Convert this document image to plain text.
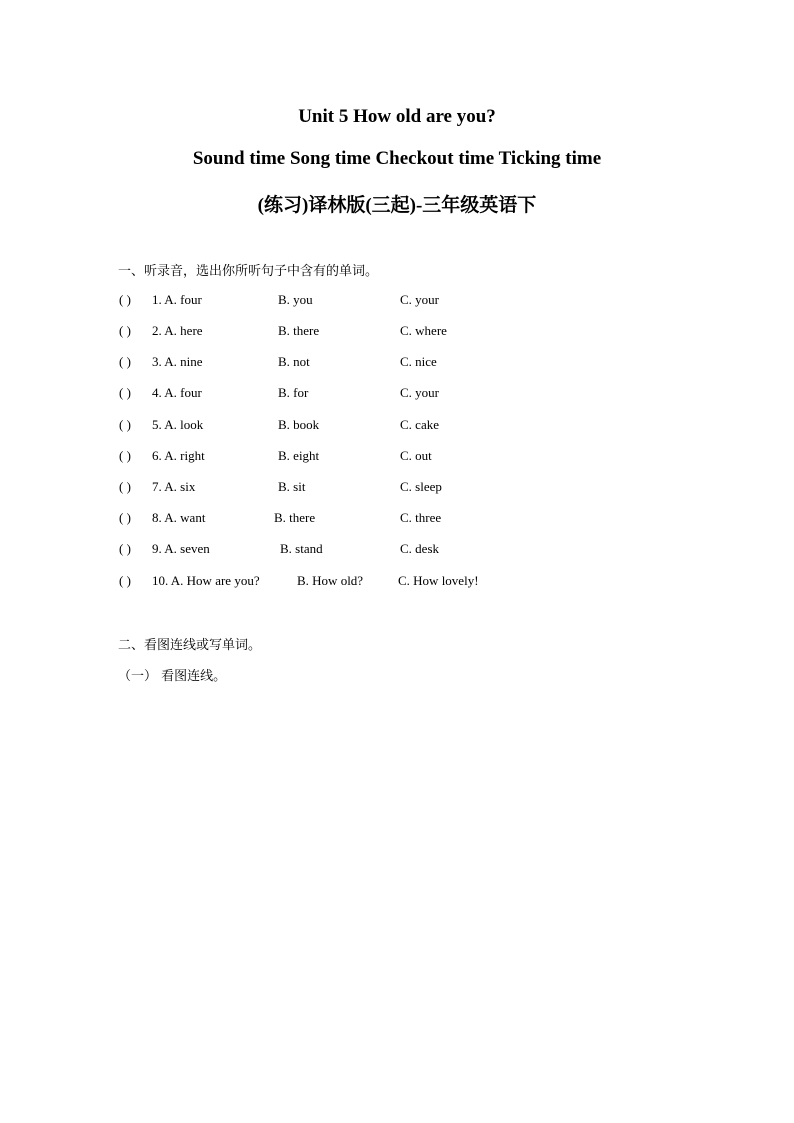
Unit 5 How old are you?
Sound time Song time Checkout time Ticking time
(练习)译林版(三起)-三年级英语下
一、听录音，选出你所听句子中含有的单词。
( ) 1. A. four	B. you	C. your
( ) 2. A. here	B. there	C. where
( ) 3. A. nine	B. not	C. nice
( ) 4. A. four	B. for	C. your
( ) 5. A. look	B. book	C. cake
( ) 6. A. right	B. eight	C. out
( ) 7. A. six	B. sit	C. sleep
( ) 8. A. want	B. there	C. three
( ) 9. A. seven	B. stand	C. desk
( ) 10. A. How are you?	B. How old?	C. How lovely!
二、看图连线或写单词。
（一） 看图连线。
